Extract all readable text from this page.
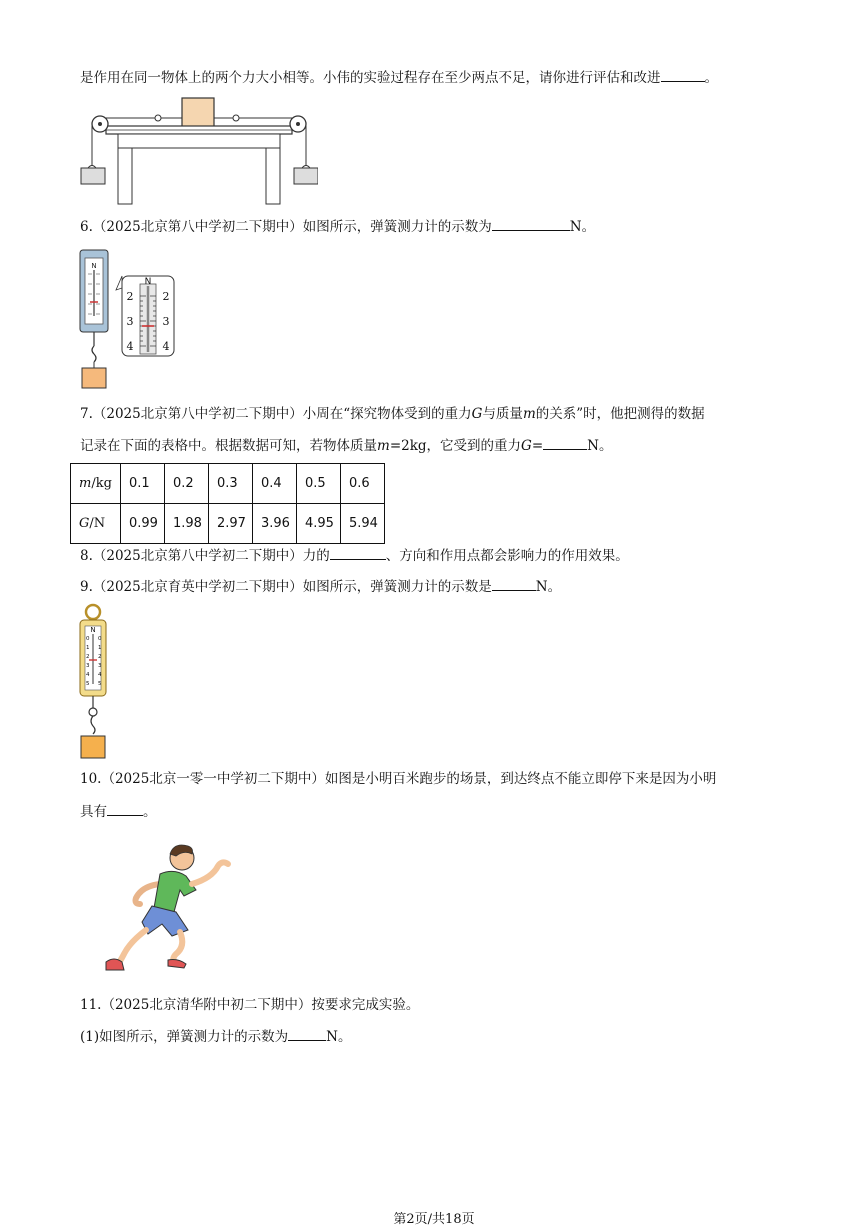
是作用在同一物体上的两个力大小相等。小伟的实验过程存在至少两点不足，请你进行评估和改进	。
6.（2025北京第八中学初二下期中）如图所示，弹簧测力计的示数为	N。
N
N
2
3
4
2
3
4
7.（2025北京第八中学初二下期中）小周在“探究物体受到的重力G与质量m的关系”时，他把测得的数据
记录在下面的表格中。根据数据可知，若物体质量m=2kg，它受到的重力G=	N。
m/kg	0.1	0.2	0.3	0.4	0.5	0.6
G/N	0.99	1.98	2.97	3.96	4.95	5.94
8.（2025北京第八中学初二下期中）力的	、方向和作用点都会影响力的作用效果。
9.（2025北京育英中学初二下期中）如图所示，弹簧测力计的示数是	N。
N
0 0
1 1
2 2
3 3
4 4
5 5
10.（2025北京一零一中学初二下期中）如图是小明百米跑步的场景，到达终点不能立即停下来是因为小明
具有	。
11.（2025北京清华附中初二下期中）按要求完成实验。
(1)如图所示，弹簧测力计的示数为	N。
第2页/共18页
